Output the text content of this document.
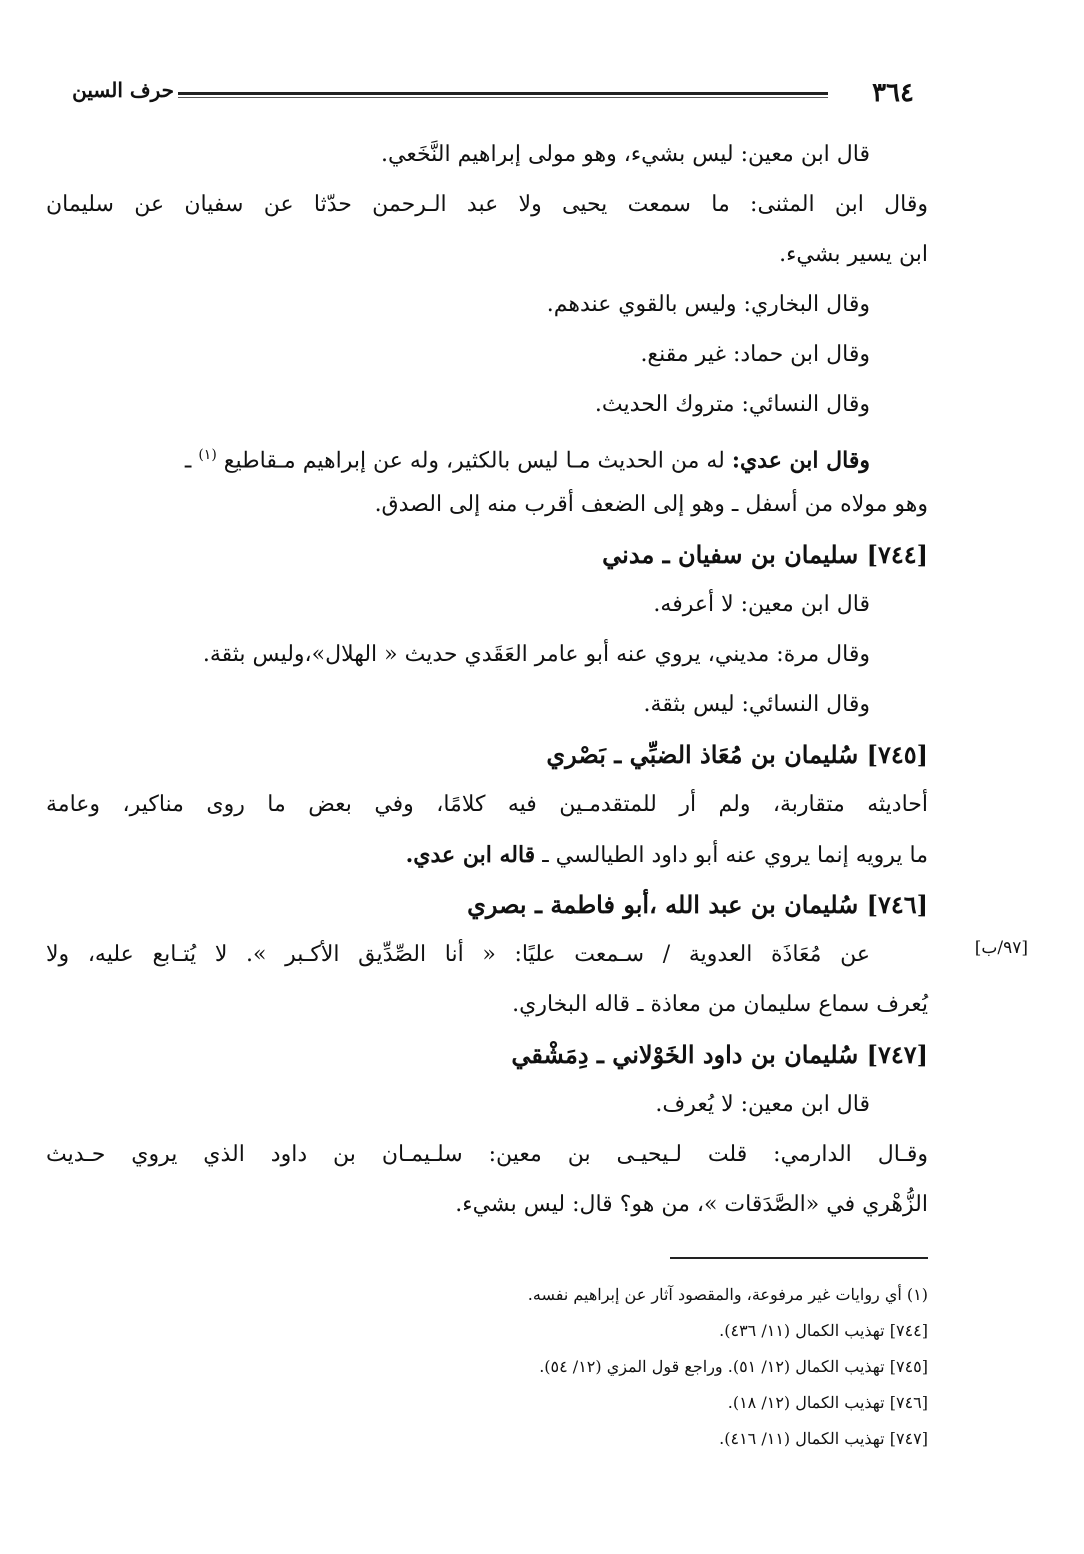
٣٦٤
حرف السين
قال ابن معين: ليس بشيء، وهو مولى إبراهيم النَّخَعي.
وقال ابن المثنى: ما سمعت يحيى ولا عبد الـرحمن حدّثا عن سفيان عن سليمان
ابن يسير بشيء.
وقال البخاري: وليس بالقوي عندهم.
وقال ابن حماد: غير مقنع.
وقال النسائي: متروك الحديث.
وقال ابن عدي: له من الحديث مـا ليس بالكثير، وله عن إبراهيم مـقاطيع $^{(١)}$ ـ
وهو مولاه من أسفل ـ وهو إلى الضعف أقرب منه إلى الصدق.
[٧٤٤] سليمان بن سفيان ـ مدني
قال ابن معين: لا أعرفه.
وقال مرة: مديني، يروي عنه أبو عامر العَقَدي حديث « الهلال»،وليس بثقة.
وقال النسائي: ليس بثقة.
[٧٤٥] سُليمان بن مُعَاذ الضبِّي ـ بَصْري
أحاديثه متقاربة، ولم أر للمتقدمـين فيه كلامًا، وفي بعض ما روى مناكير، وعامة
ما يرويه إنما يروي عنه أبو داود الطيالسي ـ قاله ابن عدي.
[٧٤٦] سُليمان بن عبد الله ،أبو فاطمة ـ بصري
عن مُعَاذَة العدوية / سـمعت عليًا: « أنا الصِّدِّيق الأكـبر ». لا يُتـابع عليه، ولا
يُعرف سماع سليمان من معاذة ـ قاله البخاري.
[٧٤٧] سُليمان بن داود الخَوْلاني ـ دِمَشْقي
قال ابن معين: لا يُعرف.
وقـال الدارمي: قلت لـيحيـى بن معين: سلـيمـان بن داود الذي يروي حـديث
الزُّهْري في «الصَّدَقات »، من هو؟ قال: ليس بشيء.
[٩٧/ب]
(١) أي روايات غير مرفوعة، والمقصود آثار عن إبراهيم نفسه.
[٧٤٤] تهذيب الكمال (١١/ ٤٣٦).
[٧٤٥] تهذيب الكمال (١٢/ ٥١). وراجع قول المزي (١٢/ ٥٤).
[٧٤٦] تهذيب الكمال (١٢/ ١٨).
[٧٤٧] تهذيب الكمال (١١/ ٤١٦).
